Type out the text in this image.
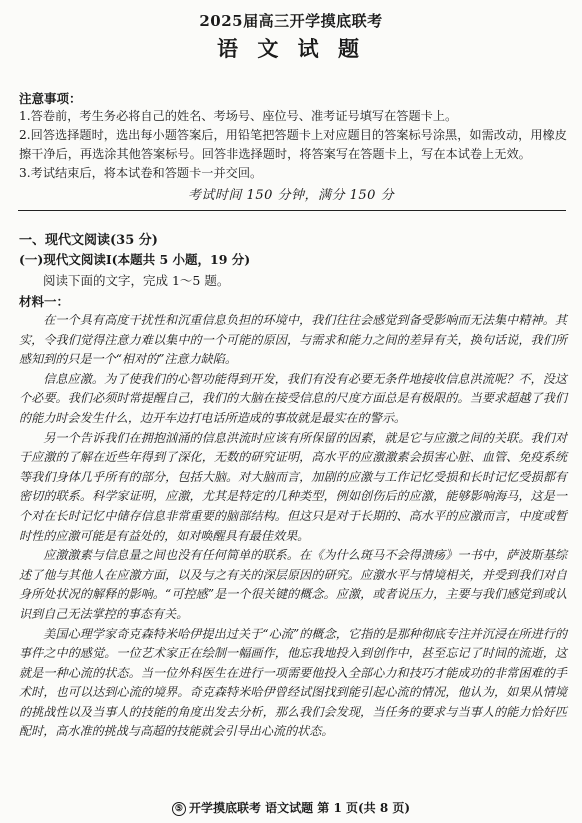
2025届高三开学摸底联考
语 文 试 题
注意事项：
1.答卷前，考生务必将自己的姓名、考场号、座位号、准考证号填写在答题卡上。
2.回答选择题时，选出每小题答案后，用铅笔把答题卡上对应题目的答案标号涂黑，如需改动，用橡皮擦干净后，再选涂其他答案标号。回答非选择题时，将答案写在答题卡上，写在本试卷上无效。
3.考试结束后，将本试卷和答题卡一并交回。
考试时间 150 分钟，满分 150 分
一、现代文阅读(35 分)
(一)现代文阅读Ⅰ(本题共 5 小题，19 分)
阅读下面的文字，完成 1～5 题。
材料一：

在一个具有高度干扰性和沉重信息负担的环境中，我们往往会感觉到备受影响而无法集中精神。其实，令我们觉得注意力难以集中的一个可能的原因，与需求和能力之间的差异有关，换句话说，我们所感知到的只是一个“相对的”注意力缺陷。

信息应激。为了使我们的心智功能得到开发，我们有没有必要无条件地接收信息洪流呢？不，没这个必要。我们必须时常提醒自己，我们的大脑在接受信息的尺度方面总是有极限的。当要求超越了我们的能力时会发生什么，边开车边打电话所造成的事故就是最实在的警示。

另一个告诉我们在拥抱汹涌的信息洪流时应该有所保留的因素，就是它与应激之间的关联。我们对于应激的了解在近些年得到了深化，无数的研究证明，高水平的应激激素会损害心脏、血管、免疫系统等我们身体几乎所有的部分，包括大脑。对大脑而言，加剧的应激与工作记忆受损和长时记忆受损都有密切的联系。科学家证明，应激，尤其是特定的几种类型，例如创伤后的应激，能够影响海马，这是一个对在长时记忆中储存信息非常重要的脑部结构。但这只是对于长期的、高水平的应激而言，中度或暂时性的应激可能是有益处的，如对唤醒具有最佳效果。

应激激素与信息量之间也没有任何简单的联系。在《为什么斑马不会得溃疡》一书中，萨波斯基综述了他与其他人在应激方面，以及与之有关的深层原因的研究。应激水平与情境相关，并受到我们对自身所处状况的解释的影响。“可控感”是一个很关键的概念。应激，或者说压力，主要与我们感觉到或认识到自己无法掌控的事态有关。

美国心理学家奇克森特米哈伊提出过关于“心流”的概念，它指的是那种彻底专注并沉浸在所进行的事件之中的感觉。一位艺术家正在绘制一幅画作，他忘我地投入到创作中，甚至忘记了时间的流逝，这就是一种心流的状态。当一位外科医生在进行一项需要他投入全部心力和技巧才能成功的非常困难的手术时，也可以达到心流的境界。奇克森特米哈伊曾经试图找到能引起心流的情况，他认为，如果从情境的挑战性以及当事人的技能的角度出发去分析，那么我们会发现，当任务的要求与当事人的能力恰好匹配时，高水准的挑战与高超的技能就会引导出心流的状态。

⑤ 开学摸底联考 语文试题 第 1 页(共 8 页)
